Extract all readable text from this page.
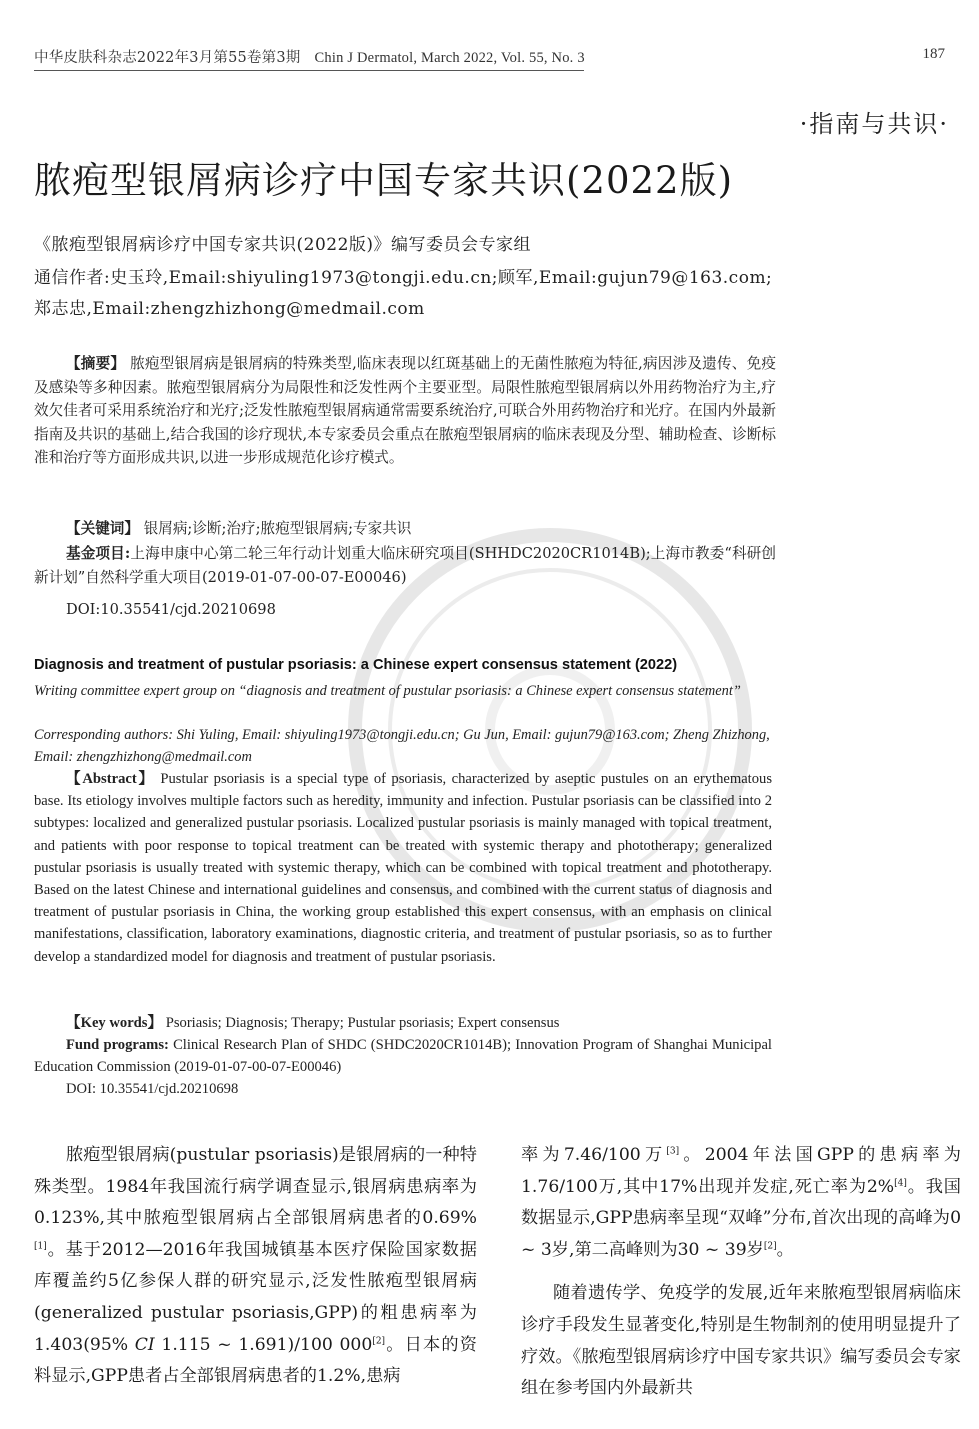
中华皮肤科杂志2022年3月第55卷第3期 Chin J Dermatol, March 2022, Vol. 55, No. 3	187
·指南与共识·
脓疱型银屑病诊疗中国专家共识(2022版)
《脓疱型银屑病诊疗中国专家共识(2022版)》编写委员会专家组
通信作者:史玉玲,Email:shiyuling1973@tongji.edu.cn;顾军,Email:gujun79@163.com;
郑志忠,Email:zhengzhizhong@medmail.com
【摘要】 脓疱型银屑病是银屑病的特殊类型,临床表现以红斑基础上的无菌性脓疱为特征,病因涉及遗传、免疫及感染等多种因素。脓疱型银屑病分为局限性和泛发性两个主要亚型。局限性脓疱型银屑病以外用药物治疗为主,疗效欠佳者可采用系统治疗和光疗;泛发性脓疱型银屑病通常需要系统治疗,可联合外用药物治疗和光疗。在国内外最新指南及共识的基础上,结合我国的诊疗现状,本专家委员会重点在脓疱型银屑病的临床表现及分型、辅助检查、诊断标准和治疗等方面形成共识,以进一步形成规范化诊疗模式。
【关键词】 银屑病;诊断;治疗;脓疱型银屑病;专家共识
基金项目:上海申康中心第二轮三年行动计划重大临床研究项目(SHHDC2020CR1014B);上海市教委“科研创新计划”自然科学重大项目(2019-01-07-00-07-E00046)
DOI:10.35541/cjd.20210698
Diagnosis and treatment of pustular psoriasis: a Chinese expert consensus statement (2022)
Writing committee expert group on “diagnosis and treatment of pustular psoriasis: a Chinese expert consensus statement”
Corresponding authors: Shi Yuling, Email: shiyuling1973@tongji.edu.cn; Gu Jun, Email: gujun79@163.com; Zheng Zhizhong, Email: zhengzhizhong@medmail.com
【Abstract】 Pustular psoriasis is a special type of psoriasis, characterized by aseptic pustules on an erythematous base. Its etiology involves multiple factors such as heredity, immunity and infection. Pustular psoriasis can be classified into 2 subtypes: localized and generalized pustular psoriasis. Localized pustular psoriasis is mainly managed with topical treatment, and patients with poor response to topical treatment can be treated with systemic therapy and phototherapy; generalized pustular psoriasis is usually treated with systemic therapy, which can be combined with topical treatment and phototherapy. Based on the latest Chinese and international guidelines and consensus, and combined with the current status of diagnosis and treatment of pustular psoriasis in China, the working group established this expert consensus, with an emphasis on clinical manifestations, classification, laboratory examinations, diagnostic criteria, and treatment of pustular psoriasis, so as to further develop a standardized model for diagnosis and treatment of pustular psoriasis.
【Key words】 Psoriasis; Diagnosis; Therapy; Pustular psoriasis; Expert consensus
Fund programs: Clinical Research Plan of SHDC (SHDC2020CR1014B); Innovation Program of Shanghai Municipal Education Commission (2019-01-07-00-07-E00046)
DOI: 10.35541/cjd.20210698

脓疱型银屑病(pustular psoriasis)是银屑病的一种特殊类型。1984年我国流行病学调查显示,银屑病患病率为0.123%,其中脓疱型银屑病占全部银屑病患者的0.69%[1]。基于2012—2016年我国城镇基本医疗保险国家数据库覆盖约5亿参保人群的研究显示,泛发性脓疱型银屑病(generalized pustular psoriasis,GPP)的粗患病率为1.403(95% CI 1.115 ~ 1.691)/100 000[2]。日本的资料显示,GPP患者占全部银屑病患者的1.2%,患病

率为7.46/100万[3]。2004年法国GPP的患病率为1.76/100万,其中17%出现并发症,死亡率为2%[4]。我国数据显示,GPP患病率呈现“双峰”分布,首次出现的高峰为0 ~ 3岁,第二高峰则为30 ~ 39岁[2]。

随着遗传学、免疫学的发展,近年来脓疱型银屑病临床诊疗手段发生显著变化,特别是生物制剂的使用明显提升了疗效。《脓疱型银屑病诊疗中国专家共识》编写委员会专家组在参考国内外最新共
